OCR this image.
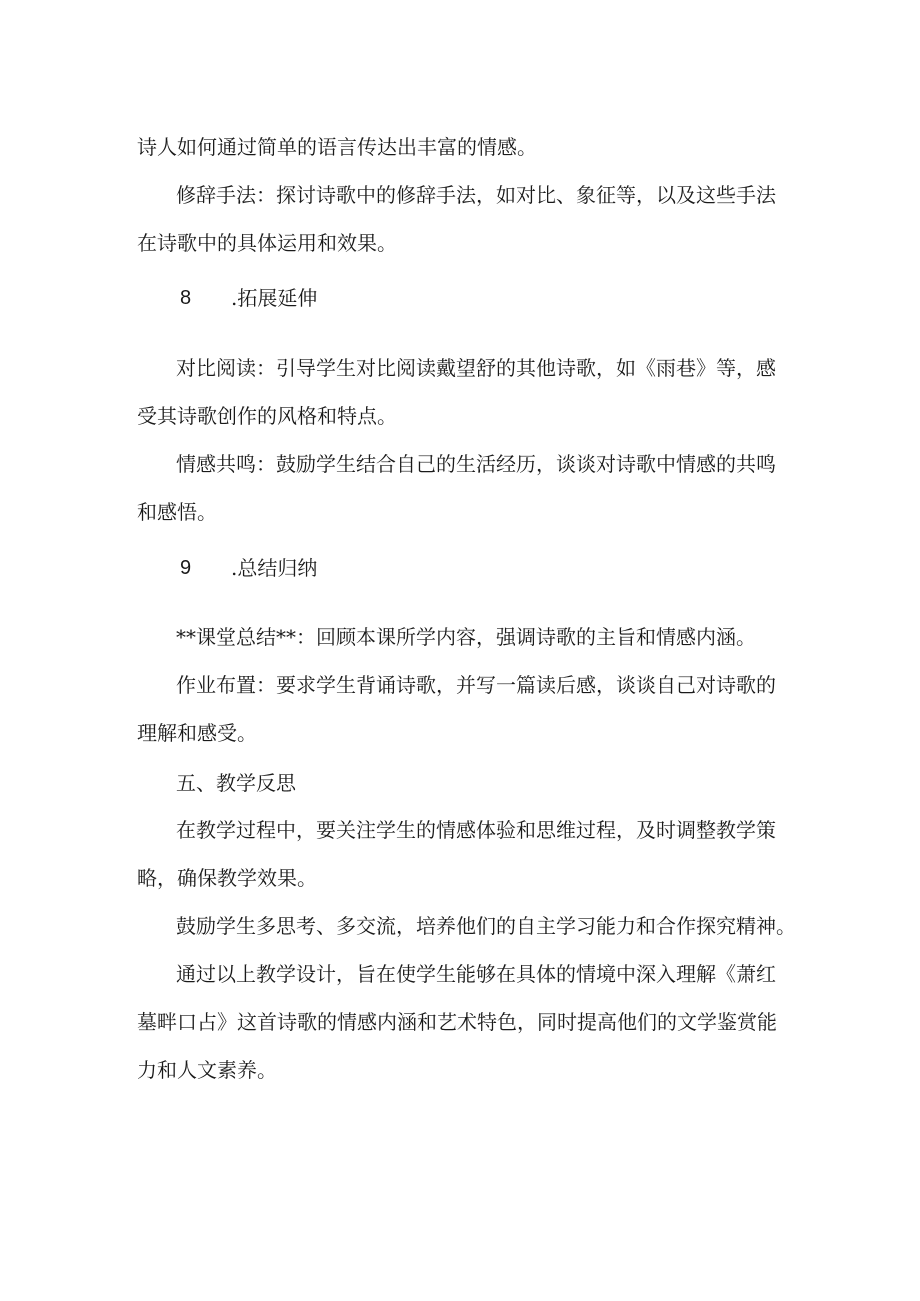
诗人如何通过简单的语言传达出丰富的情感。
修辞手法：探讨诗歌中的修辞手法，如对比、象征等，以及这些手法
在诗歌中的具体运用和效果。
8 .拓展延伸
对比阅读：引导学生对比阅读戴望舒的其他诗歌，如《雨巷》等，感
受其诗歌创作的风格和特点。
情感共鸣：鼓励学生结合自己的生活经历，谈谈对诗歌中情感的共鸣
和感悟。
9 .总结归纳
**课堂总结**：回顾本课所学内容，强调诗歌的主旨和情感内涵。
作业布置：要求学生背诵诗歌，并写一篇读后感，谈谈自己对诗歌的
理解和感受。
五、教学反思
在教学过程中，要关注学生的情感体验和思维过程，及时调整教学策
略，确保教学效果。
鼓励学生多思考、多交流，培养他们的自主学习能力和合作探究精神。
通过以上教学设计，旨在使学生能够在具体的情境中深入理解《萧红
墓畔口占》这首诗歌的情感内涵和艺术特色，同时提高他们的文学鉴赏能
力和人文素养。
